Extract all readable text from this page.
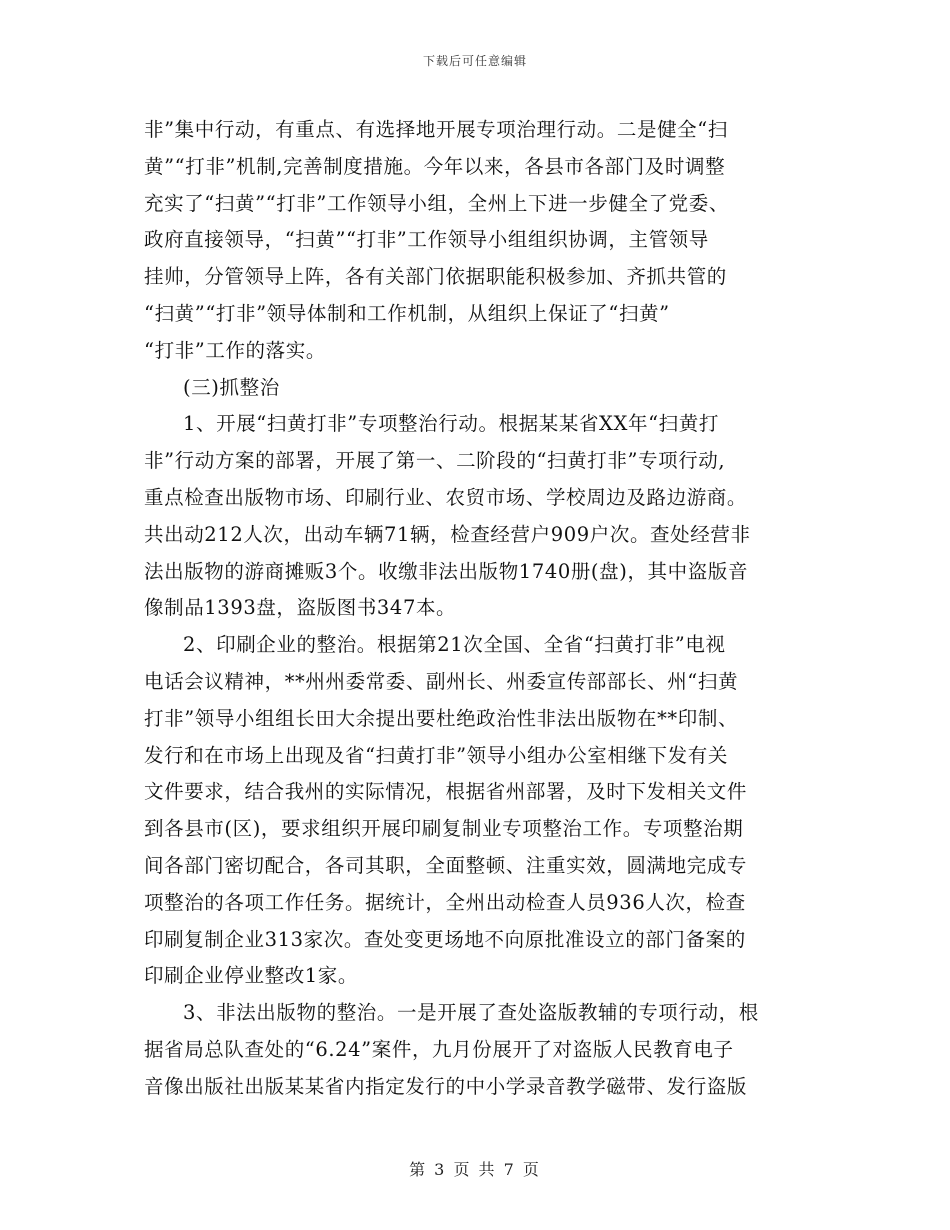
下载后可任意编辑
非”集中行动，有重点、有选择地开展专项治理行动。二是健全“扫
黄”“打非”机制,完善制度措施。今年以来，各县市各部门及时调整
充实了“扫黄”“打非”工作领导小组，全州上下进一步健全了党委、
政府直接领导，“扫黄”“打非”工作领导小组组织协调，主管领导
挂帅，分管领导上阵，各有关部门依据职能积极参加、齐抓共管的
“扫黄”“打非”领导体制和工作机制，从组织上保证了“扫黄”
“打非”工作的落实。
(三)抓整治
1、开展“扫黄打非”专项整治行动。根据某某省XX年“扫黄打
非”行动方案的部署，开展了第一、二阶段的“扫黄打非”专项行动,
重点检查出版物市场、印刷行业、农贸市场、学校周边及路边游商。
共出动212人次，出动车辆71辆，检查经营户909户次。查处经营非
法出版物的游商摊贩3个。收缴非法出版物1740册(盘)，其中盗版音
像制品1393盘，盗版图书347本。
2、印刷企业的整治。根据第21次全国、全省“扫黄打非”电视
电话会议精神，**州州委常委、副州长、州委宣传部部长、州“扫黄
打非”领导小组组长田大余提出要杜绝政治性非法出版物在**印制、
发行和在市场上出现及省“扫黄打非”领导小组办公室相继下发有关
文件要求，结合我州的实际情况，根据省州部署，及时下发相关文件
到各县市(区)，要求组织开展印刷复制业专项整治工作。专项整治期
间各部门密切配合，各司其职，全面整顿、注重实效，圆满地完成专
项整治的各项工作任务。据统计，全州出动检查人员936人次，检查
印刷复制企业313家次。查处变更场地不向原批准设立的部门备案的
印刷企业停业整改1家。
3、非法出版物的整治。一是开展了查处盗版教辅的专项行动，根
据省局总队查处的“6.24”案件，九月份展开了对盗版人民教育电子
音像出版社出版某某省内指定发行的中小学录音教学磁带、发行盗版
第 3 页 共 7 页
